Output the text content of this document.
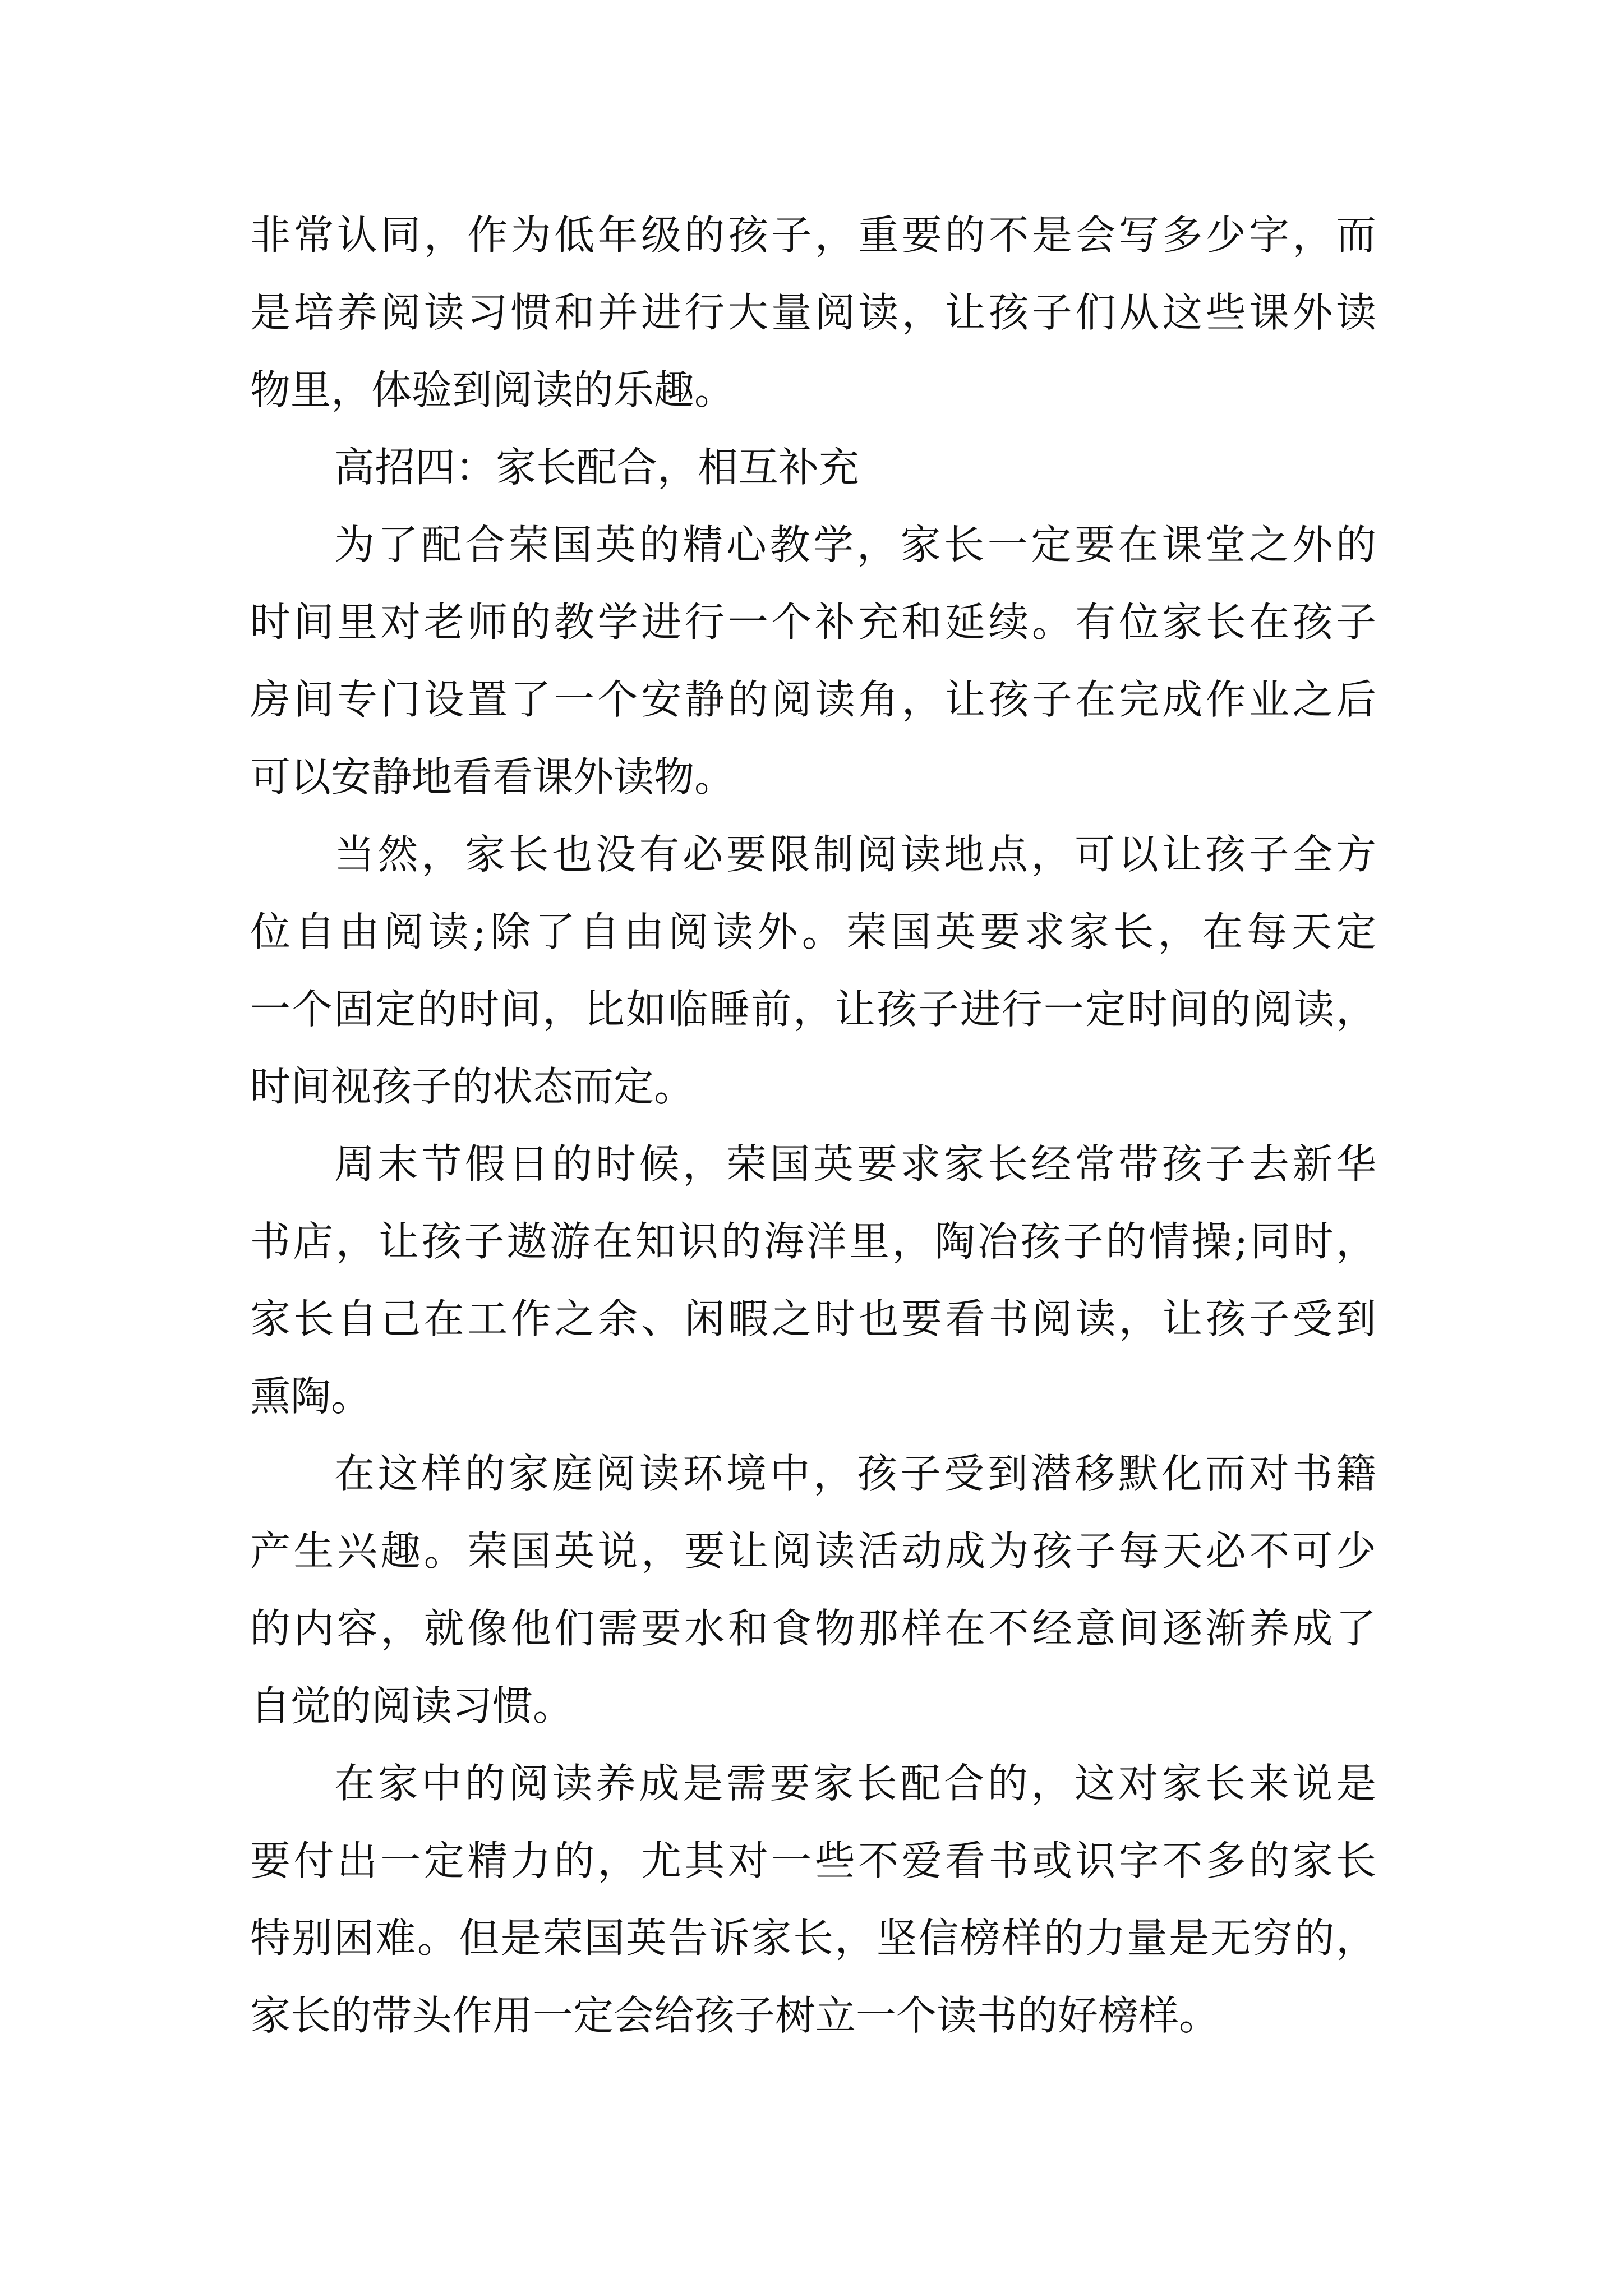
非常认同，作为低年级的孩子，重要的不是会写多少字，而

是培养阅读习惯和并进行大量阅读，让孩子们从这些课外读

物里，体验到阅读的乐趣。

高招四：家长配合，相互补充

为了配合荣国英的精心教学，家长一定要在课堂之外的

时间里对老师的教学进行一个补充和延续。有位家长在孩子

房间专门设置了一个安静的阅读角，让孩子在完成作业之后

可以安静地看看课外读物。

当然，家长也没有必要限制阅读地点，可以让孩子全方

位自由阅读;除了自由阅读外。荣国英要求家长，在每天定

一个固定的时间，比如临睡前，让孩子进行一定时间的阅读，

时间视孩子的状态而定。

周末节假日的时候，荣国英要求家长经常带孩子去新华

书店，让孩子遨游在知识的海洋里，陶冶孩子的情操;同时，

家长自己在工作之余、闲暇之时也要看书阅读，让孩子受到

熏陶。

在这样的家庭阅读环境中，孩子受到潜移默化而对书籍

产生兴趣。荣国英说，要让阅读活动成为孩子每天必不可少

的内容，就像他们需要水和食物那样在不经意间逐渐养成了

自觉的阅读习惯。

在家中的阅读养成是需要家长配合的，这对家长来说是

要付出一定精力的，尤其对一些不爱看书或识字不多的家长

特别困难。但是荣国英告诉家长，坚信榜样的力量是无穷的，

家长的带头作用一定会给孩子树立一个读书的好榜样。
